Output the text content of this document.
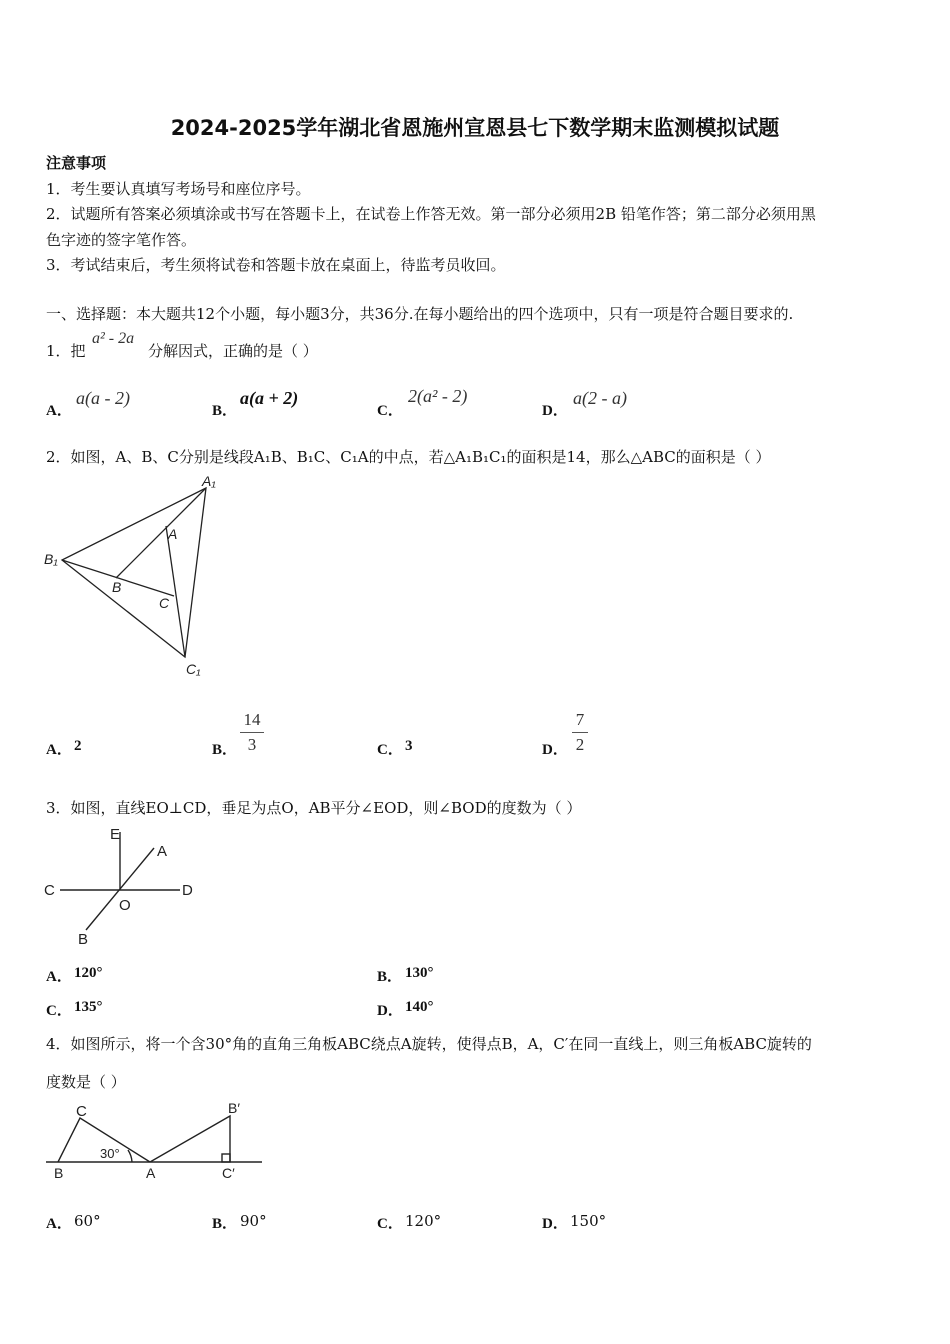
2024-2025学年湖北省恩施州宣恩县七下数学期末监测模拟试题
注意事项
1．考生要认真填写考场号和座位序号。
2．试题所有答案必须填涂或书写在答题卡上，在试卷上作答无效。第一部分必须用2B 铅笔作答；第二部分必须用黑
色字迹的签字笔作答。
3．考试结束后，考生须将试卷和答题卡放在桌面上，待监考员收回。
一、选择题：本大题共12个小题，每小题3分，共36分.在每小题给出的四个选项中，只有一项是符合题目要求的.
1．把
a² - 2a
分解因式，正确的是（ ）
A．
a(a - 2)
B．
a(a + 2)
C．
2(a² - 2)
D．
a(2 - a)
2．如图，A、B、C分别是线段A₁B、B₁C、C₁A的中点，若△A₁B₁C₁的面积是14，那么△ABC的面积是（ ）
A₁
B₁
C₁
A
B
C
A． 2	B．
14
3	C． 3	D．
7
2
3．如图，直线EO⊥CD，垂足为点O，AB平分∠EOD，则∠BOD的度数为（ ）
E
A
C
O
D
B
A． 120°	B． 130°
C． 135°	D． 140°
4．如图所示，将一个含30°角的直角三角板ABC绕点A旋转，使得点B，A，C′在同一直线上，则三角板ABC旋转的
度数是（ ）
C
B	A
30°
B′
C′
A． 60°	B． 90°	C． 120°	D． 150°
